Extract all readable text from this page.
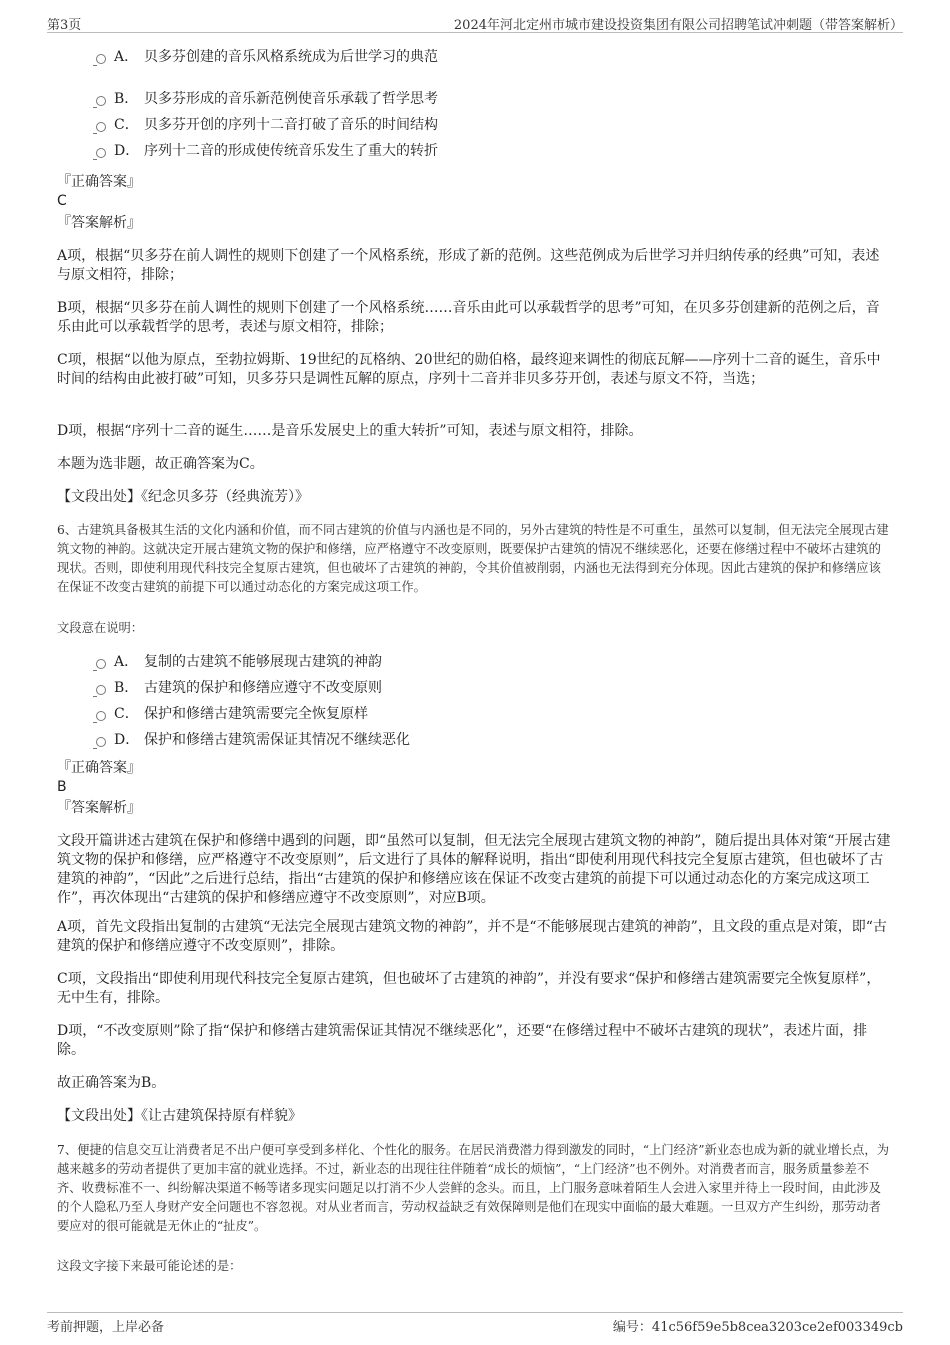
第3页	2024年河北定州市城市建设投资集团有限公司招聘笔试冲刺题（带答案解析）
A． 贝多芬创建的音乐风格系统成为后世学习的典范
B． 贝多芬形成的音乐新范例使音乐承载了哲学思考
C． 贝多芬开创的序列十二音打破了音乐的时间结构
D． 序列十二音的形成使传统音乐发生了重大的转折
『正确答案』
C
『答案解析』
A项，根据“贝多芬在前人调性的规则下创建了一个风格系统，形成了新的范例。这些范例成为后世学习并归纳传承的经典”可知，表述与原文相符，排除；
B项，根据“贝多芬在前人调性的规则下创建了一个风格系统……音乐由此可以承载哲学的思考”可知，在贝多芬创建新的范例之后，音乐由此可以承载哲学的思考，表述与原文相符，排除；
C项，根据“以他为原点，至勃拉姆斯、19世纪的瓦格纳、20世纪的勋伯格，最终迎来调性的彻底瓦解——序列十二音的诞生，音乐中时间的结构由此被打破”可知，贝多芬只是调性瓦解的原点，序列十二音并非贝多芬开创，表述与原文不符，当选；
D项，根据“序列十二音的诞生……是音乐发展史上的重大转折”可知，表述与原文相符，排除。
本题为选非题，故正确答案为C。
【文段出处】《纪念贝多芬（经典流芳）》
6、古建筑具备极其生活的文化内涵和价值，而不同古建筑的价值与内涵也是不同的，另外古建筑的特性是不可重生，虽然可以复制，但无法完全展现古建筑文物的神韵。这就决定开展古建筑文物的保护和修缮，应严格遵守不改变原则，既要保护古建筑的情况不继续恶化，还要在修缮过程中不破坏古建筑的现状。否则，即使利用现代科技完全复原古建筑，但也破坏了古建筑的神韵，令其价值被削弱，内涵也无法得到充分体现。因此古建筑的保护和修缮应该在保证不改变古建筑的前提下可以通过动态化的方案完成这项工作。
文段意在说明：
A． 复制的古建筑不能够展现古建筑的神韵
B． 古建筑的保护和修缮应遵守不改变原则
C． 保护和修缮古建筑需要完全恢复原样
D． 保护和修缮古建筑需保证其情况不继续恶化
『正确答案』
B
『答案解析』
文段开篇讲述古建筑在保护和修缮中遇到的问题，即“虽然可以复制，但无法完全展现古建筑文物的神韵”，随后提出具体对策“开展古建筑文物的保护和修缮，应严格遵守不改变原则”，后文进行了具体的解释说明，指出“即使利用现代科技完全复原古建筑，但也破坏了古建筑的神韵”，“因此”之后进行总结，指出“古建筑的保护和修缮应该在保证不改变古建筑的前提下可以通过动态化的方案完成这项工作”，再次体现出“古建筑的保护和修缮应遵守不改变原则”，对应B项。
A项，首先文段指出复制的古建筑“无法完全展现古建筑文物的神韵”，并不是“不能够展现古建筑的神韵”，且文段的重点是对策，即“古建筑的保护和修缮应遵守不改变原则”，排除。
C项，文段指出“即使利用现代科技完全复原古建筑，但也破坏了古建筑的神韵”，并没有要求“保护和修缮古建筑需要完全恢复原样”，无中生有，排除。
D项，“不改变原则”除了指“保护和修缮古建筑需保证其情况不继续恶化”，还要“在修缮过程中不破坏古建筑的现状”，表述片面，排除。
故正确答案为B。
【文段出处】《让古建筑保持原有样貌》
7、便捷的信息交互让消费者足不出户便可享受到多样化、个性化的服务。在居民消费潜力得到激发的同时，“上门经济”新业态也成为新的就业增长点，为越来越多的劳动者提供了更加丰富的就业选择。不过，新业态的出现往往伴随着“成长的烦恼”，“上门经济”也不例外。对消费者而言，服务质量参差不齐、收费标准不一、纠纷解决渠道不畅等诸多现实问题足以打消不少人尝鲜的念头。而且，上门服务意味着陌生人会进入家里并待上一段时间，由此涉及的个人隐私乃至人身财产安全问题也不容忽视。对从业者而言，劳动权益缺乏有效保障则是他们在现实中面临的最大难题。一旦双方产生纠纷，那劳动者要应对的很可能就是无休止的“扯皮”。
这段文字接下来最可能论述的是：
考前押题，上岸必备	编号：41c56f59e5b8cea3203ce2ef003349cb
